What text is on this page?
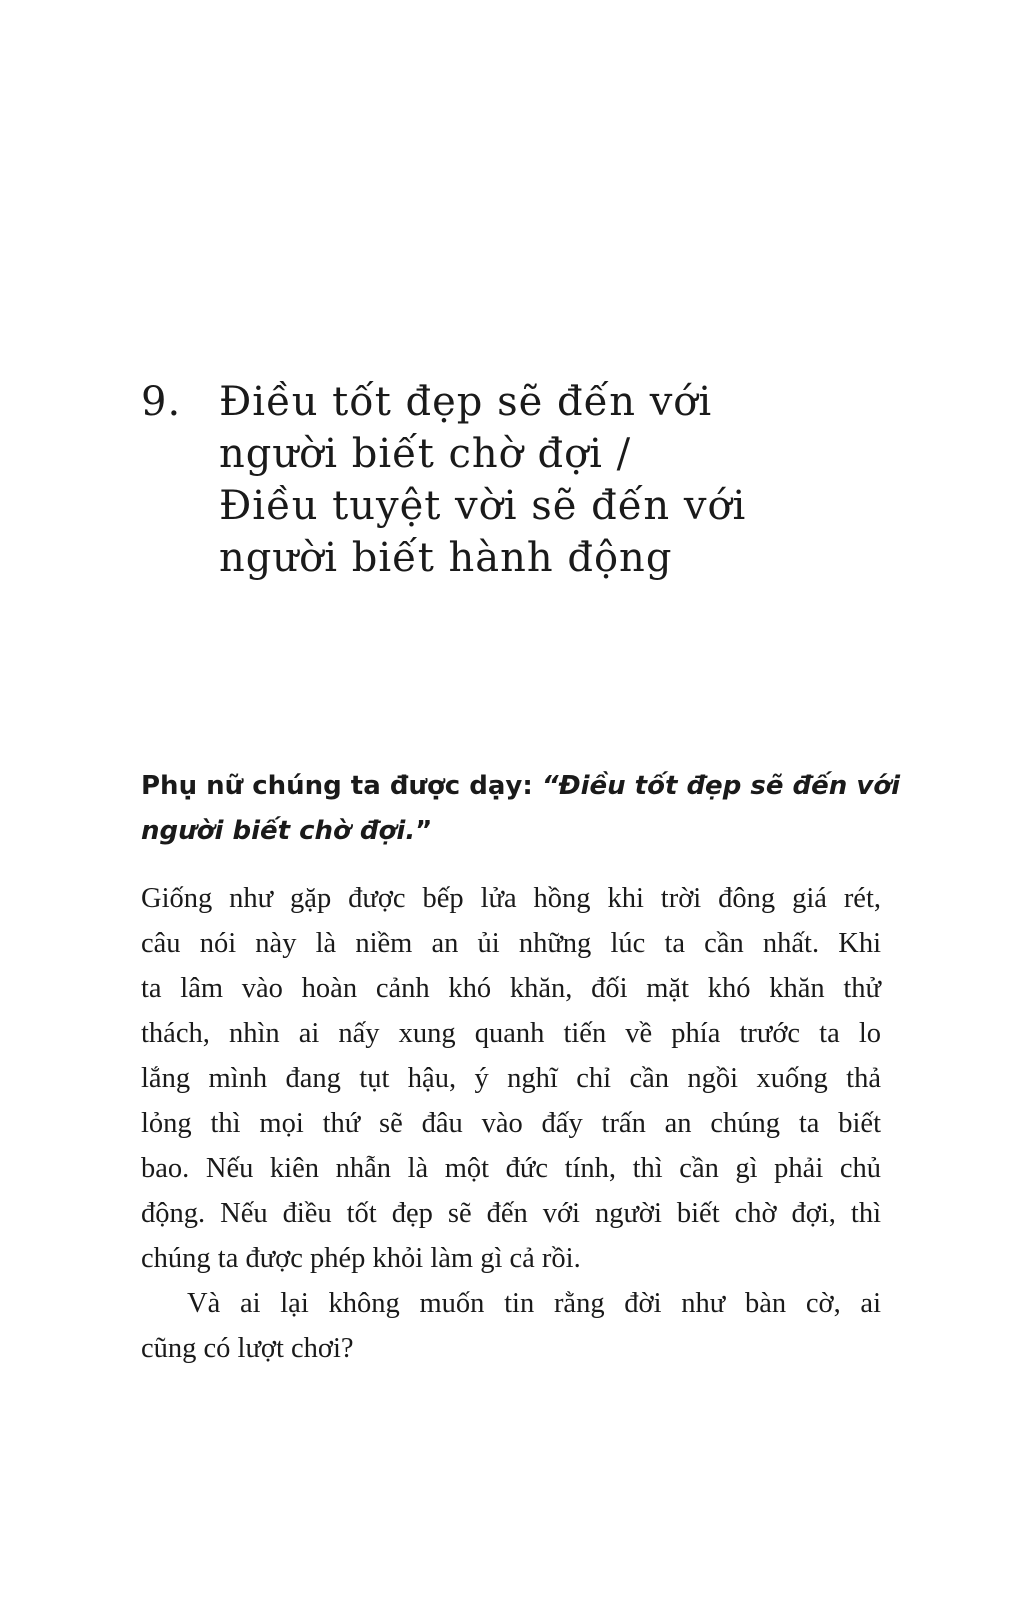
9. Điều tốt đẹp sẽ đến với
người biết chờ đợi /
Điều tuyệt vời sẽ đến với
người biết hành động
Phụ nữ chúng ta được dạy: “Điều tốt đẹp sẽ đến với
người biết chờ đợi.”
Giống như gặp được bếp lửa hồng khi trời đông giá rét,
câu nói này là niềm an ủi những lúc ta cần nhất. Khi
ta lâm vào hoàn cảnh khó khăn, đối mặt khó khăn thử
thách, nhìn ai nấy xung quanh tiến về phía trước ta lo
lắng mình đang tụt hậu, ý nghĩ chỉ cần ngồi xuống thả
lỏng thì mọi thứ sẽ đâu vào đấy trấn an chúng ta biết
bao. Nếu kiên nhẫn là một đức tính, thì cần gì phải chủ
động. Nếu điều tốt đẹp sẽ đến với người biết chờ đợi, thì
chúng ta được phép khỏi làm gì cả rồi.
Và ai lại không muốn tin rằng đời như bàn cờ, ai
cũng có lượt chơi?
